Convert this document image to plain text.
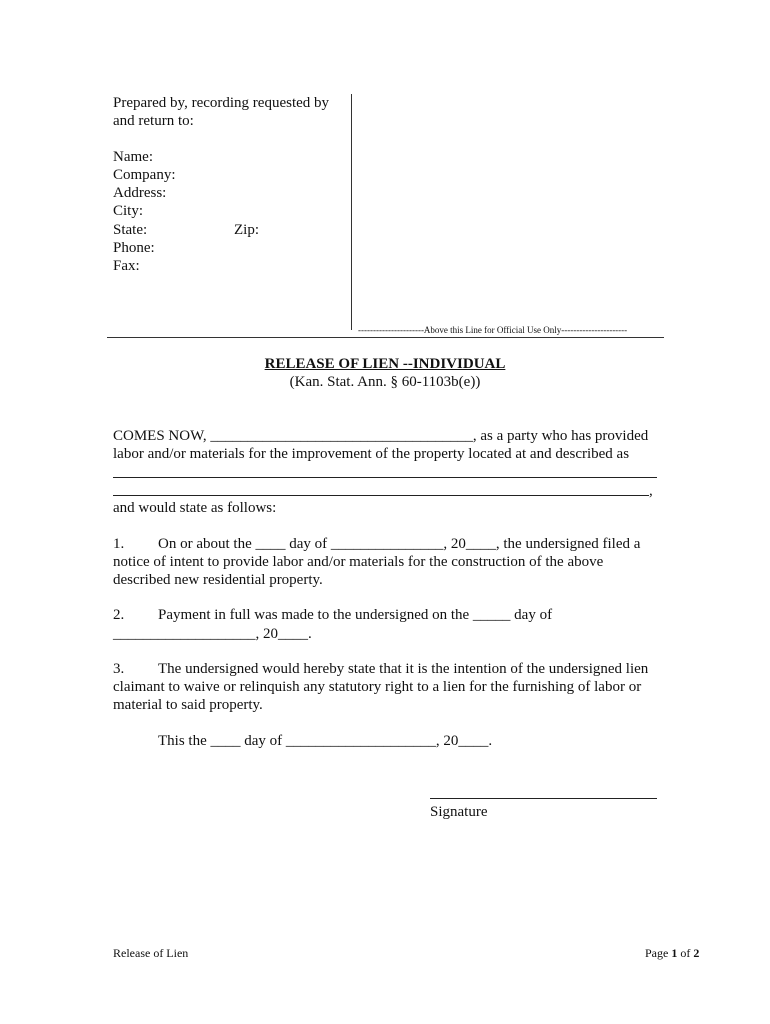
Prepared by, recording requested by
and return to:
Name:
Company:
Address:
City:
State:	Zip:
Phone:
Fax:
----------------------Above this Line for Official Use Only----------------------
RELEASE OF LIEN --INDIVIDUAL
(Kan. Stat. Ann. § 60-1103b(e))
COMES NOW, ___________________________________, as a party who has provided
labor and/or materials for the improvement of the property located at and described as
,
and would state as follows:
1. On or about the ____ day of _______________, 20____, the undersigned filed a
notice of intent to provide labor and/or materials for the construction of the above
described new residential property.
2. Payment in full was made to the undersigned on the _____ day of
___________________, 20____.
3. The undersigned would hereby state that it is the intention of the undersigned lien
claimant to waive or relinquish any statutory right to a lien for the furnishing of labor or
material to said property.
This the ____ day of ____________________, 20____.
Signature
Release of Lien	Page 1 of 2
